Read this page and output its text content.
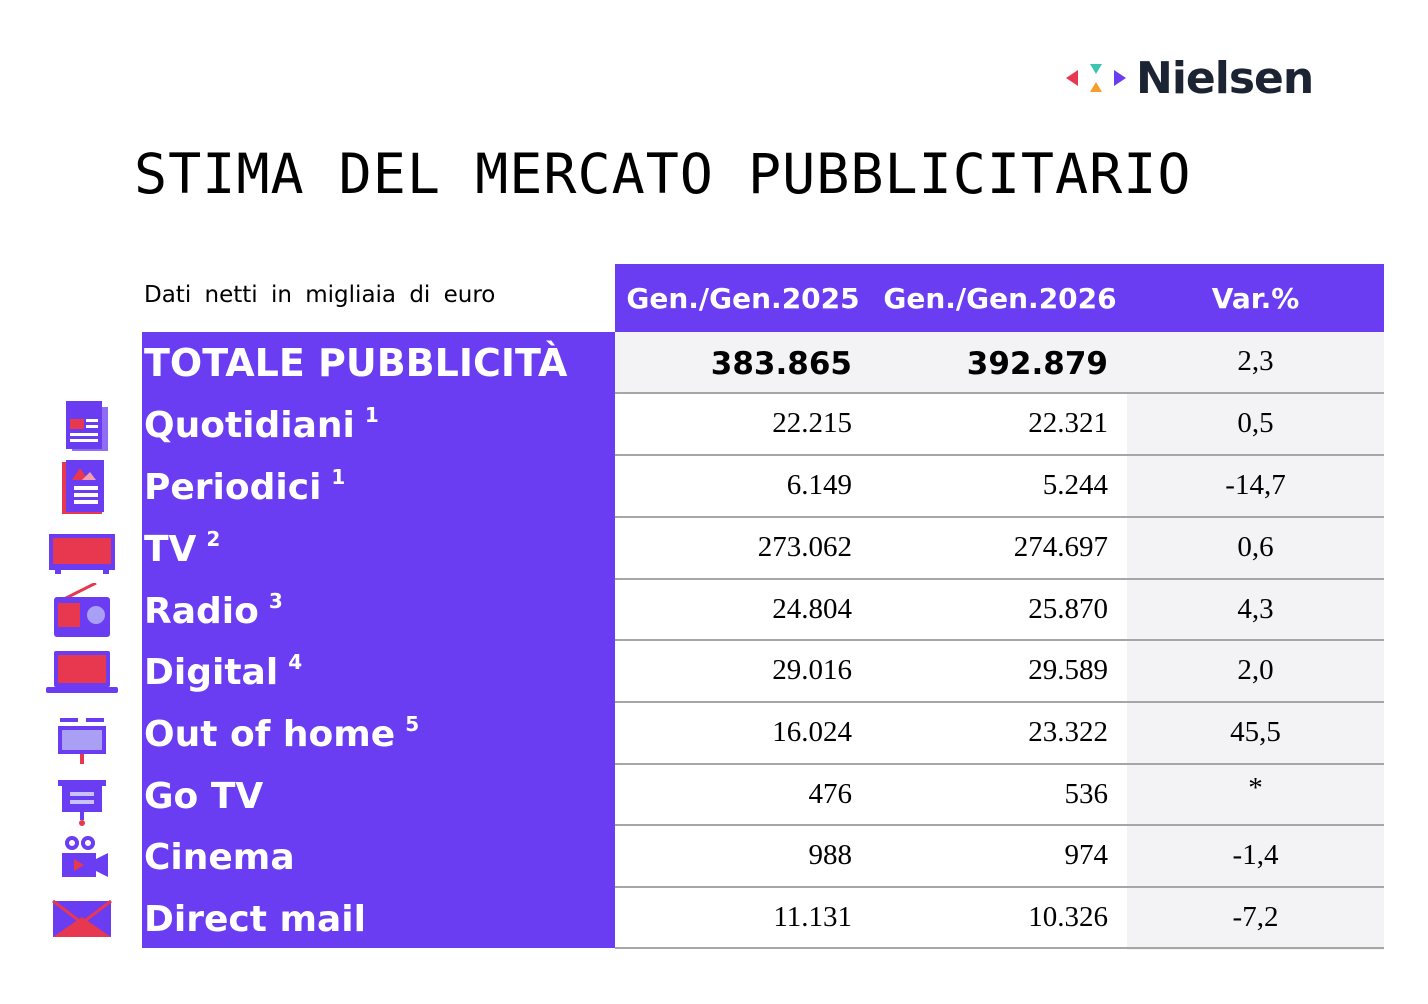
Nielsen
STIMA DEL MERCATO PUBBLICITARIO
Dati netti in migliaia di euro	Gen./Gen.2025 Gen./Gen.2026	Var.%
TOTALE PUBBLICITÀ	383.865	392.879	2,3
Quotidiani $^1$	22.215	22.321	0,5
Periodici $^1$	6.149	5.244	-14,7
TV $^2$	273.062	274.697	0,6
Radio $^3$	24.804	25.870	4,3
Digital $^4$	29.016	29.589	2,0
Out of home $^5$	16.024	23.322	45,5
Go TV	476	536	*
Cinema	988	974	-1,4
Direct mail	11.131	10.326	-7,2
